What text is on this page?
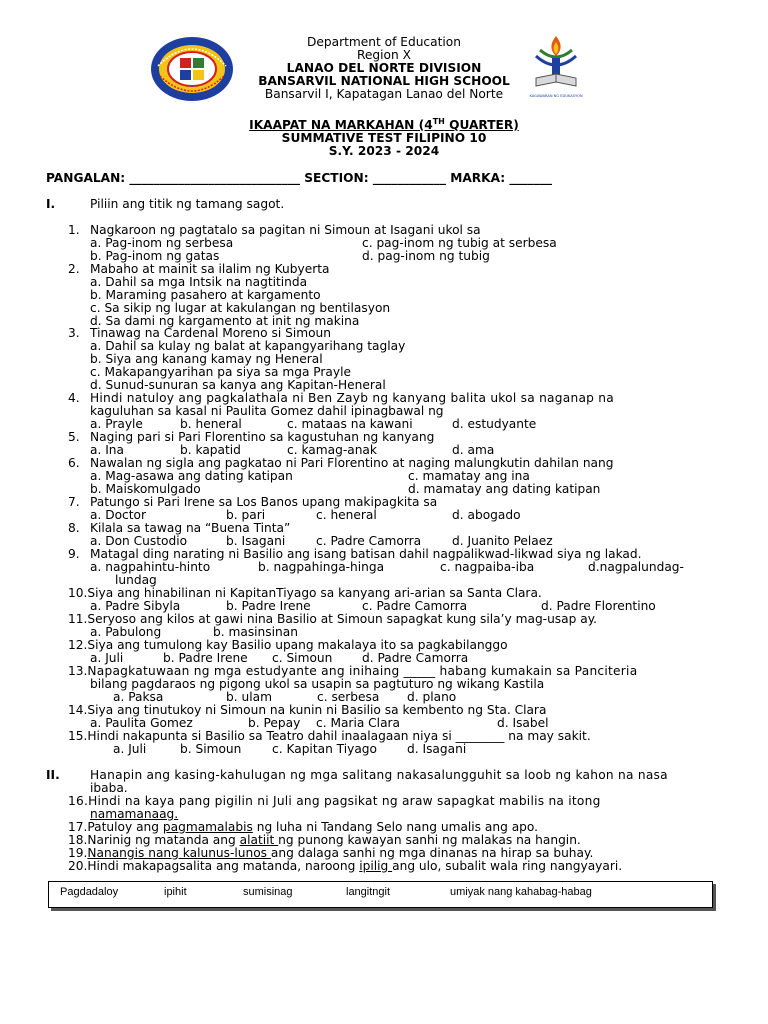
Department of Education
Region X
LANAO DEL NORTE DIVISION
BANSARVIL NATIONAL HIGH SCHOOL
Bansarvil I, Kapatagan Lanao del Norte	KAGAWARAN NG EDUKASYON
IKAAPAT NA MARKAHAN (4TH QUARTER)
SUMMATIVE TEST FILIPINO 10
S.Y. 2023 - 2024
PANGALAN: ____________________________ SECTION: ____________ MARKA: _______
I.	Piliin ang titik ng tamang sagot.
1. Nagkaroon ng pagtatalo sa pagitan ni Simoun at Isagani ukol sa
a. Pag-inom ng serbesa	c. pag-inom ng tubig at serbesa
b. Pag-inom ng gatas	d. pag-inom ng tubig
2. Mabaho at mainit sa ilalim ng Kubyerta
a. Dahil sa mga Intsik na nagtitinda
b. Maraming pasahero at kargamento
c. Sa sikip ng lugar at kakulangan ng bentilasyon
d. Sa dami ng kargamento at init ng makina
3. Tinawag na Cardenal Moreno si Simoun
a. Dahil sa kulay ng balat at kapangyarihang taglay
b. Siya ang kanang kamay ng Heneral
c. Makapangyarihan pa siya sa mga Prayle
d. Sunud-sunuran sa kanya ang Kapitan-Heneral
4. Hindi natuloy ang pagkalathala ni Ben Zayb ng kanyang balita ukol sa naganap na
kaguluhan sa kasal ni Paulita Gomez dahil ipinagbawal ng
a. Prayle	b. heneral	c. mataas na kawani	d. estudyante
5. Naging pari si Pari Florentino sa kagustuhan ng kanyang
a. Ina	b. kapatid	c. kamag-anak	d. ama
6. Nawalan ng sigla ang pagkatao ni Pari Florentino at naging malungkutin dahilan nang
a. Mag-asawa ang dating katipan	c. mamatay ang ina
b. Maiskomulgado	d. mamatay ang dating katipan
7. Patungo si Pari Irene sa Los Banos upang makipagkita sa
a. Doctor	b. pari	c. heneral	d. abogado
8. Kilala sa tawag na “Buena Tinta”
a. Don Custodio	b. Isagani	c. Padre Camorra	d. Juanito Pelaez
9. Matagal ding narating ni Basilio ang isang batisan dahil nagpalikwad-likwad siya ng lakad.
a. nagpahintu-hinto	b. nagpahinga-hinga	c. nagpaiba-iba	d.nagpalundag-
lundag
10.Siya ang hinabilinan ni KapitanTiyago sa kanyang ari-arian sa Santa Clara.
a. Padre Sibyla	b. Padre Irene	c. Padre Camorra	d. Padre Florentino
11.Seryoso ang kilos at gawi nina Basilio at Simoun sapagkat kung sila’y mag-usap ay.
a. Pabulong	b. masinsinan
12.Siya ang tumulong kay Basilio upang makalaya ito sa pagkabilanggo
a. Juli	b. Padre Irene c. Simoun d. Padre Camorra
13.Napagkatuwaan ng mga estudyante ang inihaing _____ habang kumakain sa Panciteria
bilang pagdaraos ng pigong ukol sa usapin sa pagtuturo ng wikang Kastila
a. Paksa	b. ulam	c. serbesa d. plano
14.Siya ang tinutukoy ni Simoun na kunin ni Basilio sa kembento ng Sta. Clara
a. Paulita Gomez	b. Pepay c. Maria Clara	d. Isabel
15.Hindi nakapunta si Basilio sa Teatro dahil inaalagaan niya si ________ na may sakit.
a. Juli	b. Simoun	c. Kapitan Tiyago d. Isagani
II. Hanapin ang kasing-kahulugan ng mga salitang nakasalungguhit sa loob ng kahon na nasa
ibaba.
16.Hindi na kaya pang pigilin ni Juli ang pagsikat ng araw sapagkat mabilis na itong
namamanaag.
17.Patuloy ang pagmamalabis ng luha ni Tandang Selo nang umalis ang apo.
18.Narinig ng matanda ang alatiit ng punong kawayan sanhi ng malakas na hangin.
19.Nanangis nang kalunus-lunos ang dalaga sanhi ng mga dinanas na hirap sa buhay.
20.Hindi makapagsalita ang matanda, naroong ipilig ang ulo, subalit wala ring nangyayari.
Pagdadaloy	ipihit	sumisinag	langitngit	umiyak nang kahabag-habag
